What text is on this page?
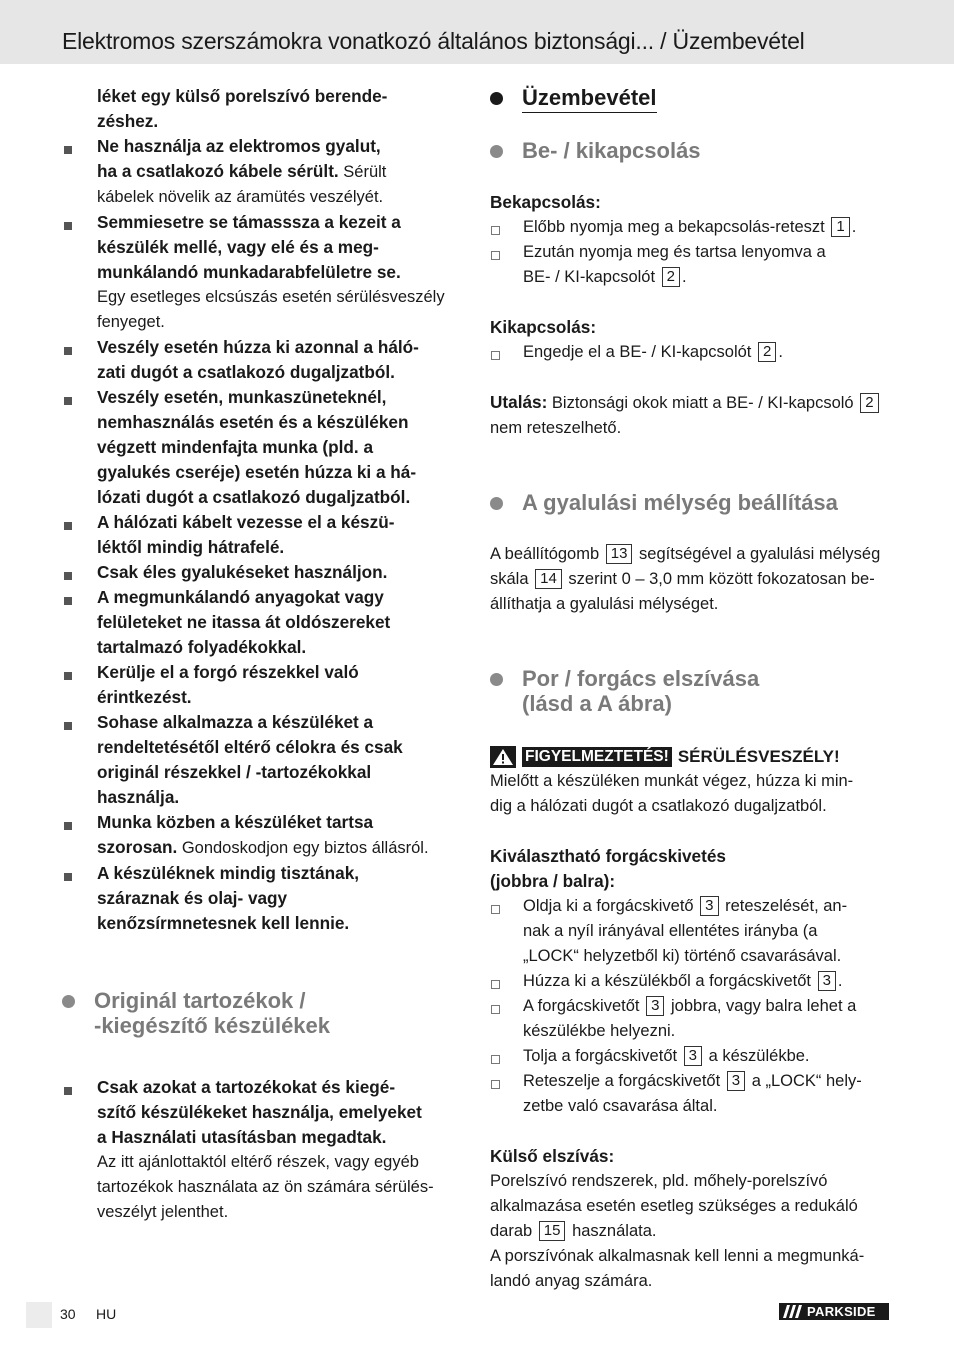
Elektromos szerszámokra vonatkozó általános biztonsági... / Üzembevétel
léket egy külső porelszívó berende-
zéshez.
Ne használja az elektromos gyalut,
ha a csatlakozó kábele sérült. Sérült
kábelek növelik az áramütés veszélyét.
Semmiesetre se támasssza a kezeit a
készülék mellé, vagy elé és a meg-
munkálandó munkadarabfelületre se.
Egy esetleges elcsúszás esetén sérülésveszély
fenyeget.
Veszély esetén húzza ki azonnal a háló-
zati dugót a csatlakozó dugaljzatból.
Veszély esetén, munkaszüneteknél,
nemhasználás esetén és a készüléken
végzett mindenfajta munka (pld. a
gyalukés cseréje) esetén húzza ki a há-
lózati dugót a csatlakozó dugaljzatból.
A hálózati kábelt vezesse el a készü-
léktől mindig hátrafelé.
Csak éles gyalukéseket használjon.
A megmunkálandó anyagokat vagy
felületeket ne itassa át oldószereket
tartalmazó folyadékokkal.
Kerülje el a forgó részekkel való
érintkezést.
Sohase alkalmazza a készüléket a
rendeltetésétől eltérő célokra és csak
originál részekkel / -tartozékokkal
használja.
Munka közben a készüléket tartsa
szorosan. Gondoskodjon egy biztos állásról.
A készüléknek mindig tisztának,
száraznak és olaj- vagy
kenőzsírmnetesnek kell lennie.
Originál tartozékok /
-kiegészítő készülékek
Csak azokat a tartozékokat és kiegé-
szítő készülékeket használja, emelyeket
a Használati utasításban megadtak.
Az itt ajánlottaktól eltérő részek, vagy egyéb
tartozékok használata az ön számára sérülés-
veszélyt jelenthet.
Üzembevétel
Be- / kikapcsolás
Bekapcsolás:
Előbb nyomja meg a bekapcsolás-reteszt 1 .
Ezután nyomja meg és tartsa lenyomva a
BE- / KI-kapcsolót 2 .
Kikapcsolás:
Engedje el a BE- / KI-kapcsolót 2 .
Utalás: Biztonsági okok miatt a BE- / KI-kapcsoló 2
nem reteszelhető.
A gyalulási mélység beállítása
A beállítógomb 13 segítségével a gyalulási mélység
skála 14 szerint 0 – 3,0 mm között fokozatosan be-
állíthatja a gyalulási mélységet.
Por / forgács elszívása
(lásd a A ábra)
FIGYELMEZTETÉS! SÉRÜLÉSVESZÉLY!
Mielőtt a készüléken munkát végez, húzza ki min-
dig a hálózati dugót a csatlakozó dugaljzatból.
Kiválasztható forgácskivetés
(jobbra / balra):
Oldja ki a forgácskivető 3 reteszelését, an-
nak a nyíl irányával ellentétes irányba (a
„LOCK“ helyzetből ki) történő csavarásával.
Húzza ki a készülékből a forgácskivetőt 3 .
A forgácskivetőt 3 jobbra, vagy balra lehet a
készülékbe helyezni.
Tolja a forgácskivetőt 3 a készülékbe.
Reteszelje a forgácskivetőt 3 a „LOCK“ hely-
zetbe való csavarása által.
Külső elszívás:
Porelszívó rendszerek, pld. mőhely-porelszívó
alkalmazása esetén esetleg szükséges a redukáló
darab 15 használata.
A porszívónak alkalmasnak kell lenni a megmunká-
landó anyag számára.
30 HU	PARKSIDE
